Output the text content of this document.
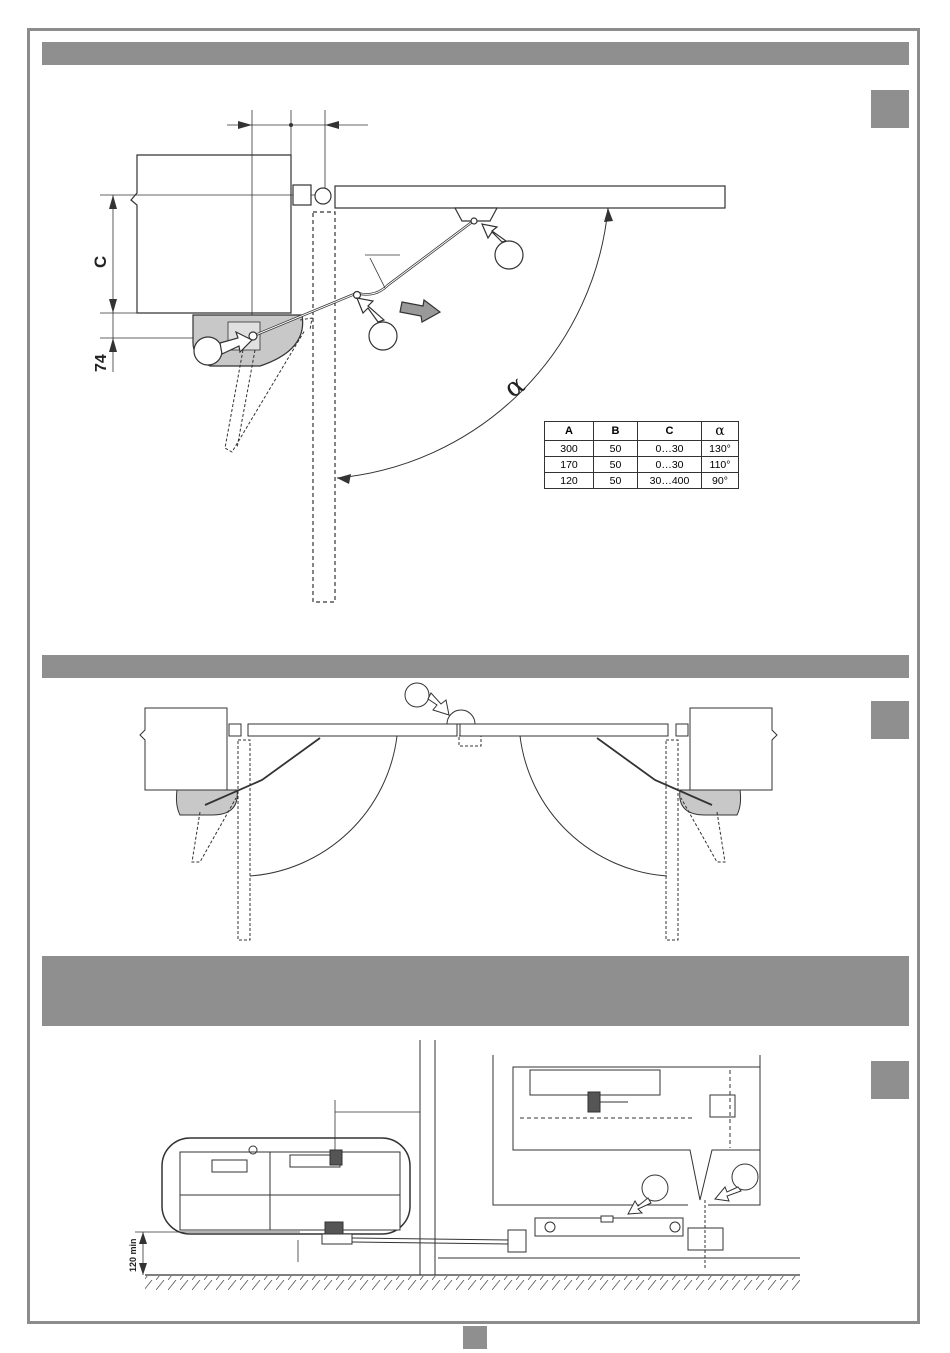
C
74
α
120 min
A	B	C	α
300	50	0…30	130°
170	50	0…30	110°
120	50	30…400	90°
